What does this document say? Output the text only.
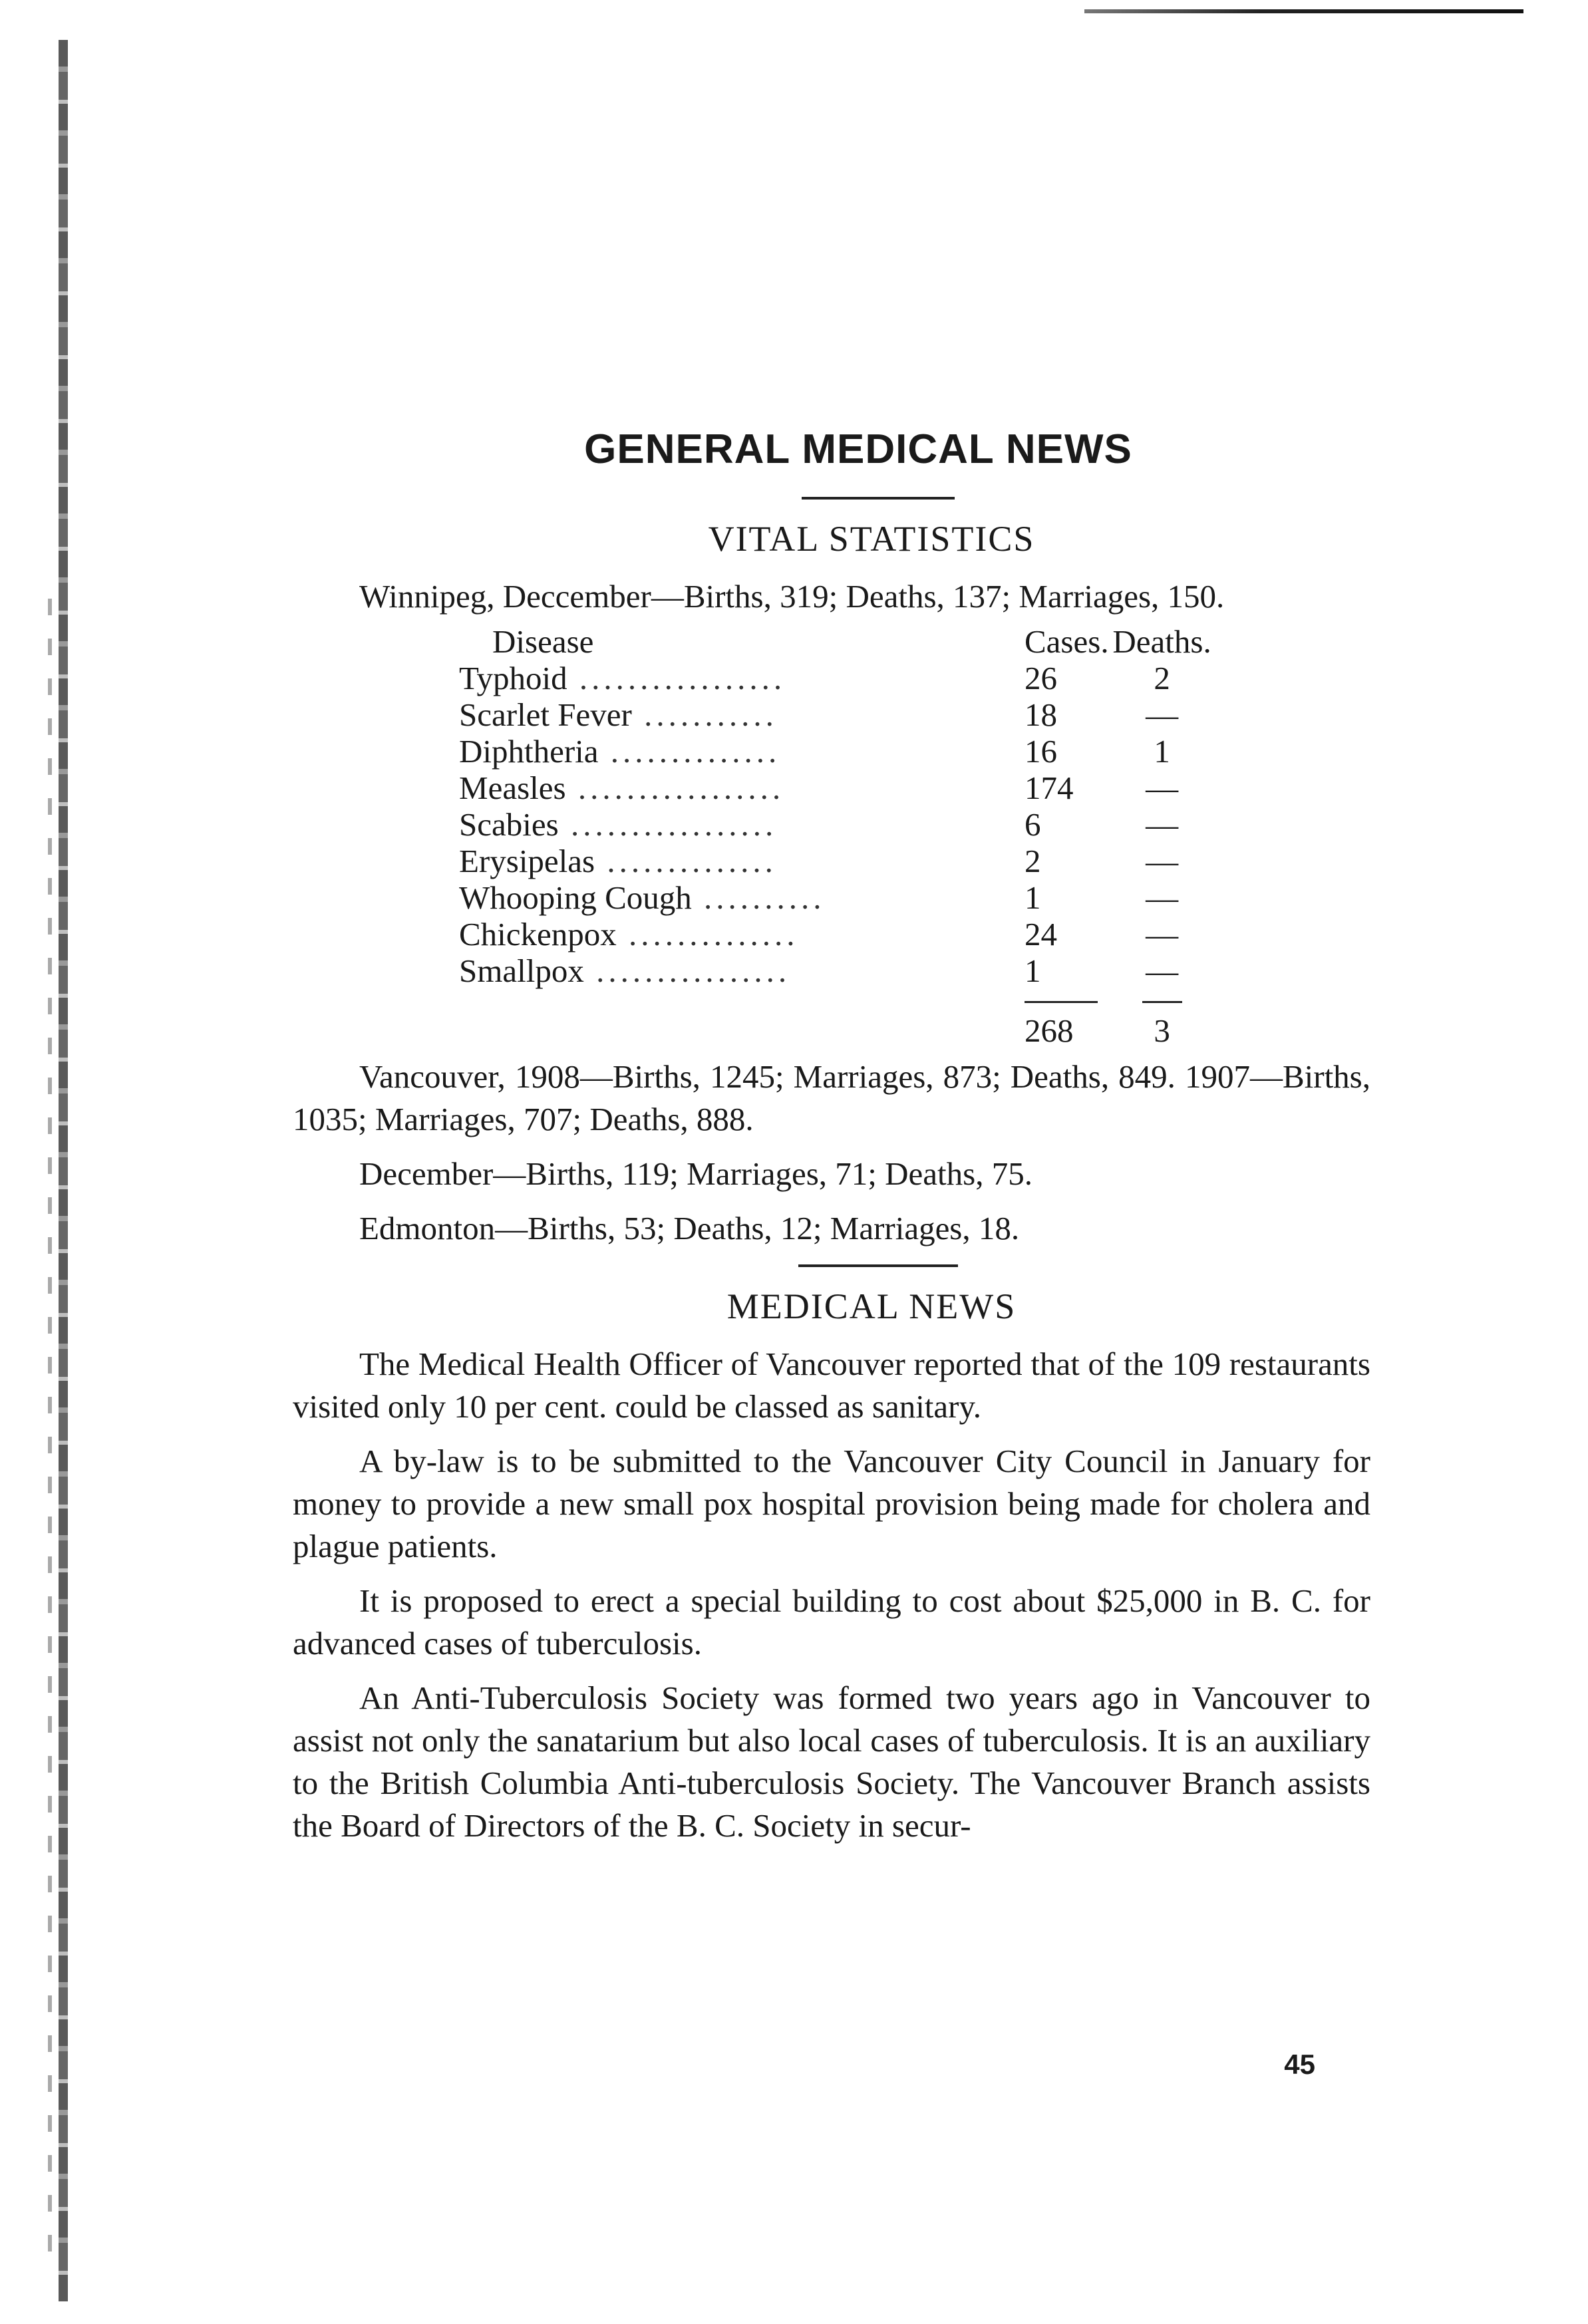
GENERAL MEDICAL NEWS
VITAL STATISTICS

Winnipeg, Deccember—Births, 319; Deaths, 137; Marriages, 150.

Disease	Cases.	Deaths.
Typhoid .................	26	2
Scarlet Fever ...........	18	—
Diphtheria ..............	16	1
Measles .................	174	—
Scabies .................	6	—
Erysipelas ..............	2	—
Whooping Cough ..........	1	—
Chickenpox ..............	24	—
Smallpox ................	1	—
	268	3

Vancouver, 1908—Births, 1245; Marriages, 873; Deaths, 849. 1907—Births, 1035; Marriages, 707; Deaths, 888.

December—Births, 119; Marriages, 71; Deaths, 75.

Edmonton—Births, 53; Deaths, 12; Marriages, 18.

MEDICAL NEWS

The Medical Health Officer of Vancouver reported that of the 109 restaurants visited only 10 per cent. could be classed as sanitary.

A by-law is to be submitted to the Vancouver City Council in January for money to provide a new small pox hospital provision being made for cholera and plague patients.

It is proposed to erect a special building to cost about $25,000 in B. C. for advanced cases of tuberculosis.

An Anti-Tuberculosis Society was formed two years ago in Vancouver to assist not only the sanatarium but also local cases of tuberculosis. It is an auxiliary to the British Columbia Anti-tuberculosis Society. The Vancouver Branch assists the Board of Directors of the B. C. Society in secur-

45
